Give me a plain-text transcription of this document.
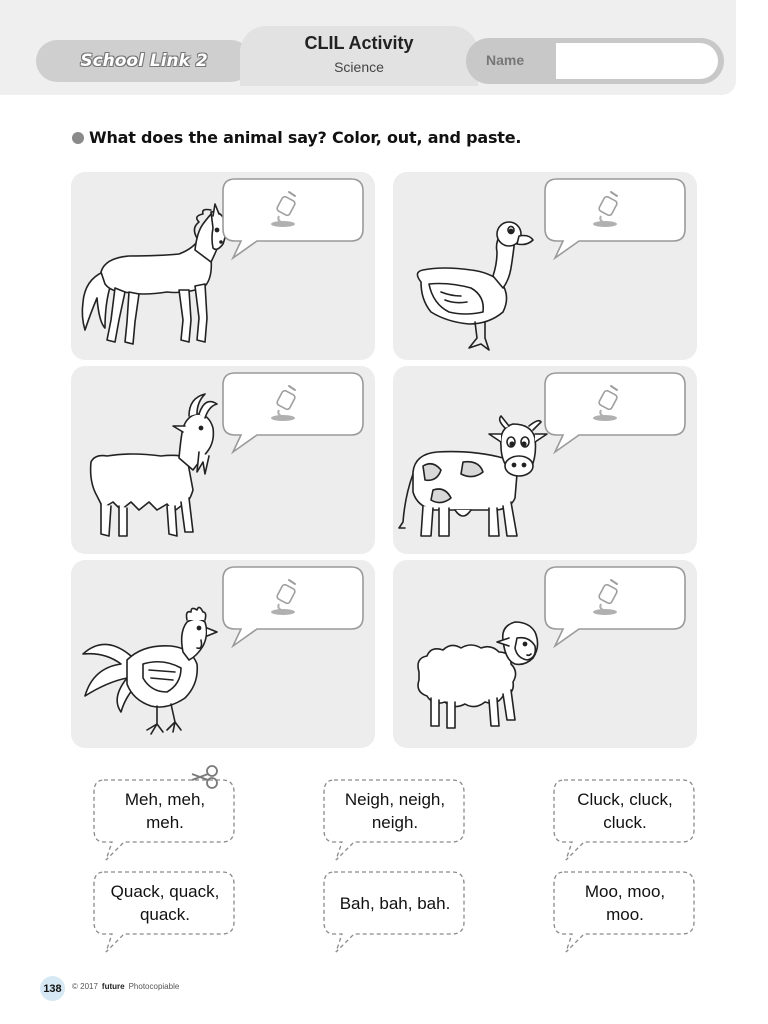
School Link 2
CLIL Activity
Science	Name
What does the animal say? Color, out, and paste.
Meh, meh,
meh.
Neigh, neigh,
neigh.
Cluck, cluck,
cluck.
Quack, quack,
quack.
Bah, bah, bah.
Moo, moo,
moo.
138	© 2017 future Photocopiable
